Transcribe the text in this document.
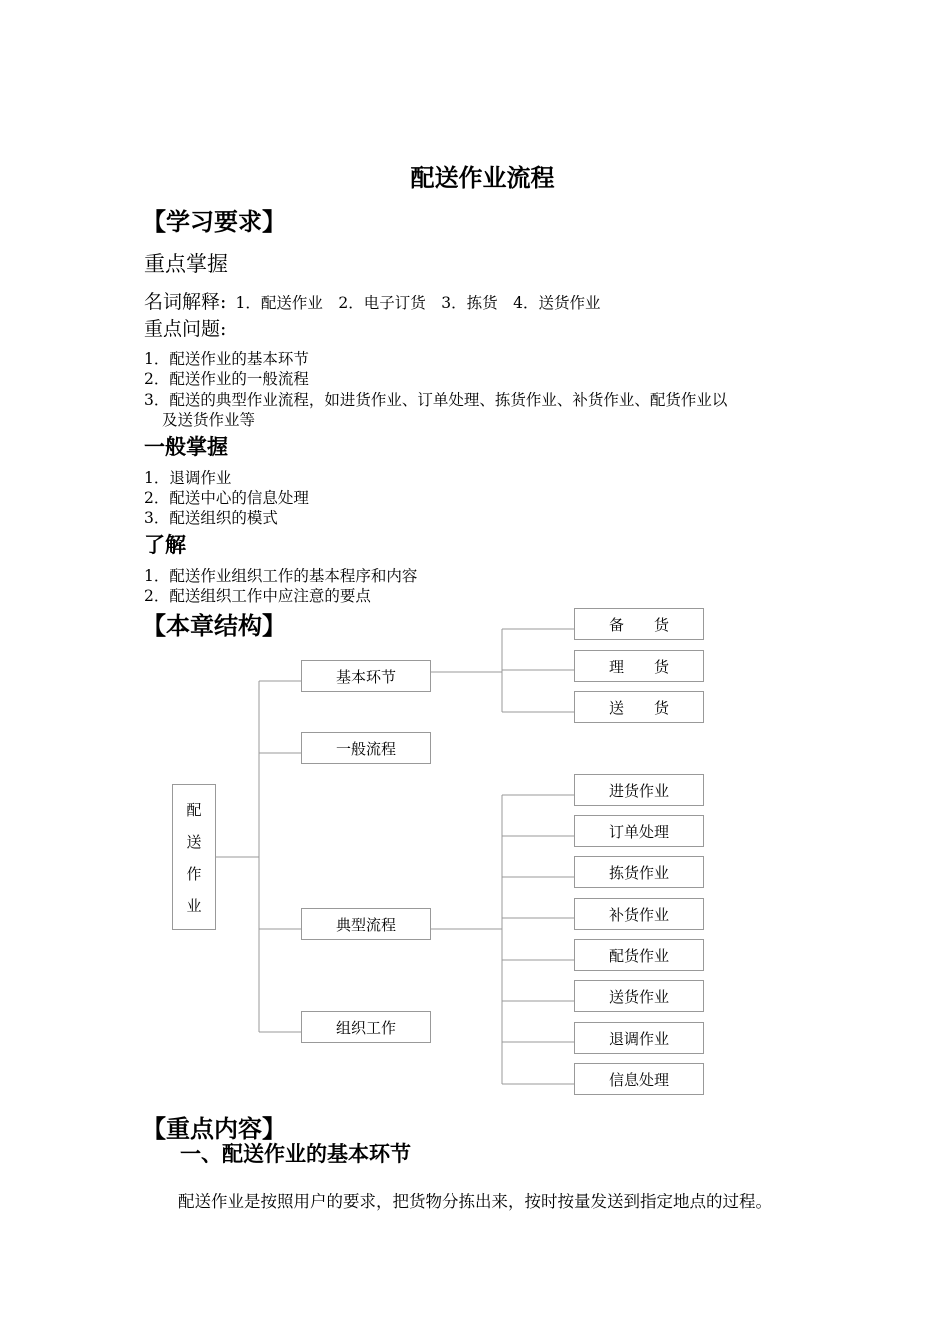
配送作业流程
【学习要求】
重点掌握
名词解释: 1．配送作业　2．电子订货　3．拣货　4．送货作业
重点问题:
1．配送作业的基本环节
2．配送作业的一般流程
3．配送的典型作业流程，如进货作业、订单处理、拣货作业、补货作业、配货作业以
及送货作业等
一般掌握
1．退调作业
2．配送中心的信息处理
3．配送组织的模式
了解
1．配送作业组织工作的基本程序和内容
2．配送组织工作中应注意的要点
【本章结构】
配
送
作
业
基本环节
一般流程
典型流程
组织工作
备　　货
理　　货
送　　货
进货作业
订单处理
拣货作业
补货作业
配货作业
送货作业
退调作业
信息处理
【重点内容】
一、配送作业的基本环节
配送作业是按照用户的要求，把货物分拣出来，按时按量发送到指定地点的过程。
